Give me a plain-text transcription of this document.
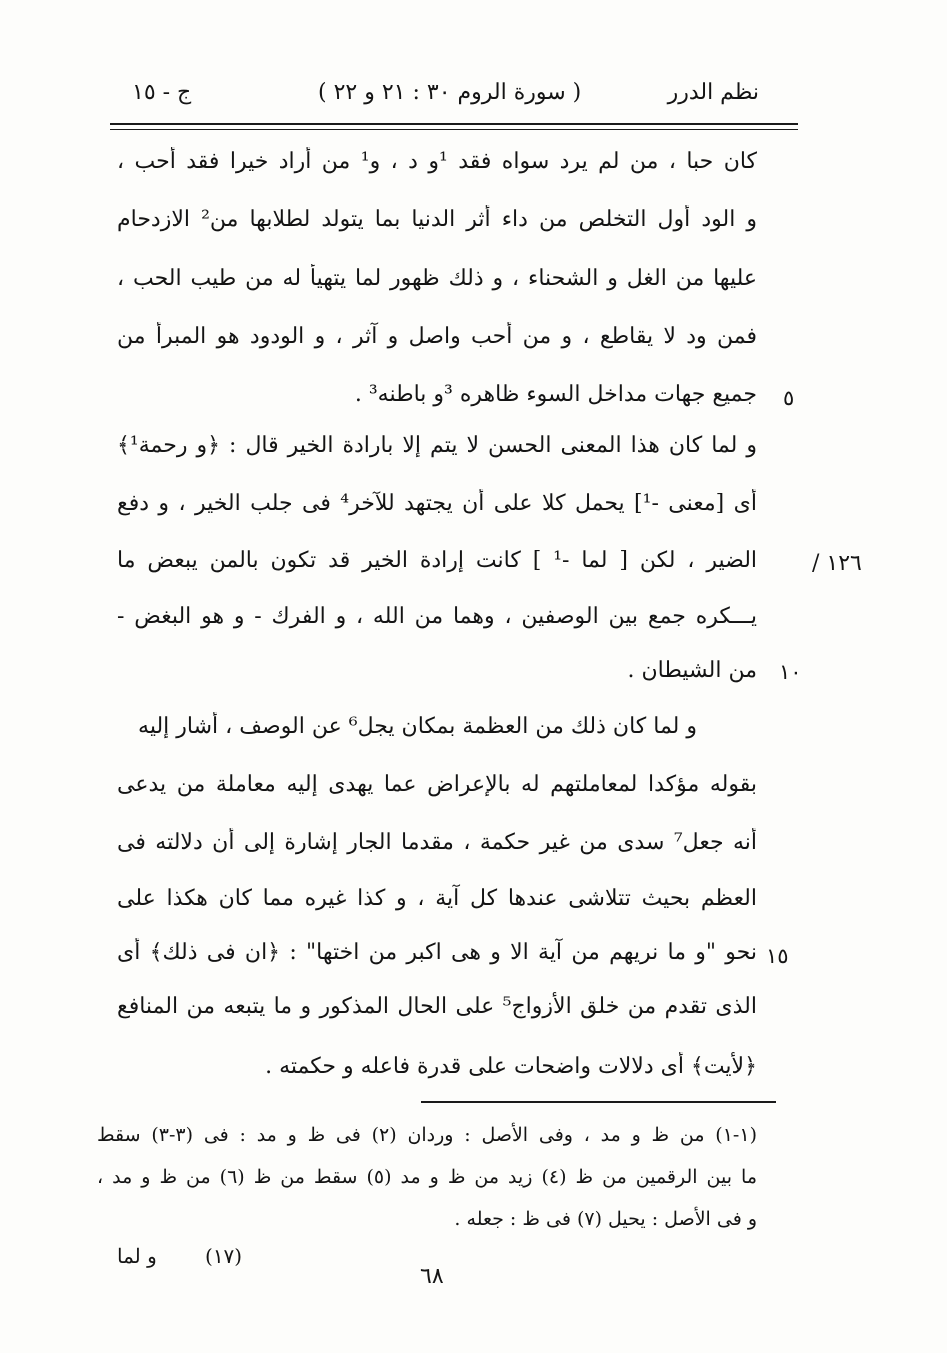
نظم الدرر
( سورة الروم ٣٠ : ٢١ و ٢٢ )
ج - ١٥
كان حبا ، من لم يرد سواه فقد ¹و د ، و¹ من أراد خيرا فقد أحب ،
و الود أول التخلص من داء أثر الدنيا بما يتولد لطلابها من² الازدحام
عليها من الغل و الشحناء ، و ذلك ظهور لما يتهيأ له من طيب الحب ،
فمن ود لا يقاطع ، و من أحب واصل و آثر ، و الودود هو المبرأ من
جميع جهات مداخل السوء ظاهره ³و باطنه³ .
و لما كان هذا المعنى الحسن لا يتم إلا بارادة الخير قال : ﴿و رحمة¹﴾
أى [معنى -¹] يحمل كلا على أن يجتهد للآخر⁴ فى جلب الخير ، و دفع
الضير ، لكن [ لما -¹ ] كانت إرادة الخير قد تكون بالمن يبعض ما
يـــكره جمع بين الوصفين ، وهما من الله ، و الفرك - و هو البغض -
من الشيطان .
و لما كان ذلك من العظمة بمكان يجل⁶ عن الوصف ، أشار إليه
بقوله مؤكدا لمعاملتهم له بالإعراض عما يهدى إليه معاملة من يدعى
أنه جعل⁷ سدى من غير حكمة ، مقدما الجار إشارة إلى أن دلالته فى
العظم بحيث تتلاشى عندها كل آية ، و كذا غيره مما كان هكذا على
نحو "و ما نريهم من آية الا و هى اكبر من اختها" : ﴿ان فى ذلك﴾ أى
الذى تقدم من خلق الأزواج⁵ على الحال المذكور و ما يتبعه من المنافع
﴿لأيت﴾ أى دلالات واضحات على قدرة فاعله و حكمته .
٥
١٠
١٥
١٢٦ /
(١-١) من ظ و مد ، وفى الأصل : وردان (٢) فى ظ و مد : فى (٣-٣) سقط
ما بين الرقمين من ظ (٤) زيد من ظ و مد (٥) سقط من ظ (٦) من ظ و مد ،
و فى الأصل : يحيل (٧) فى ظ : جعله .
و لما (١٧)
٦٨
